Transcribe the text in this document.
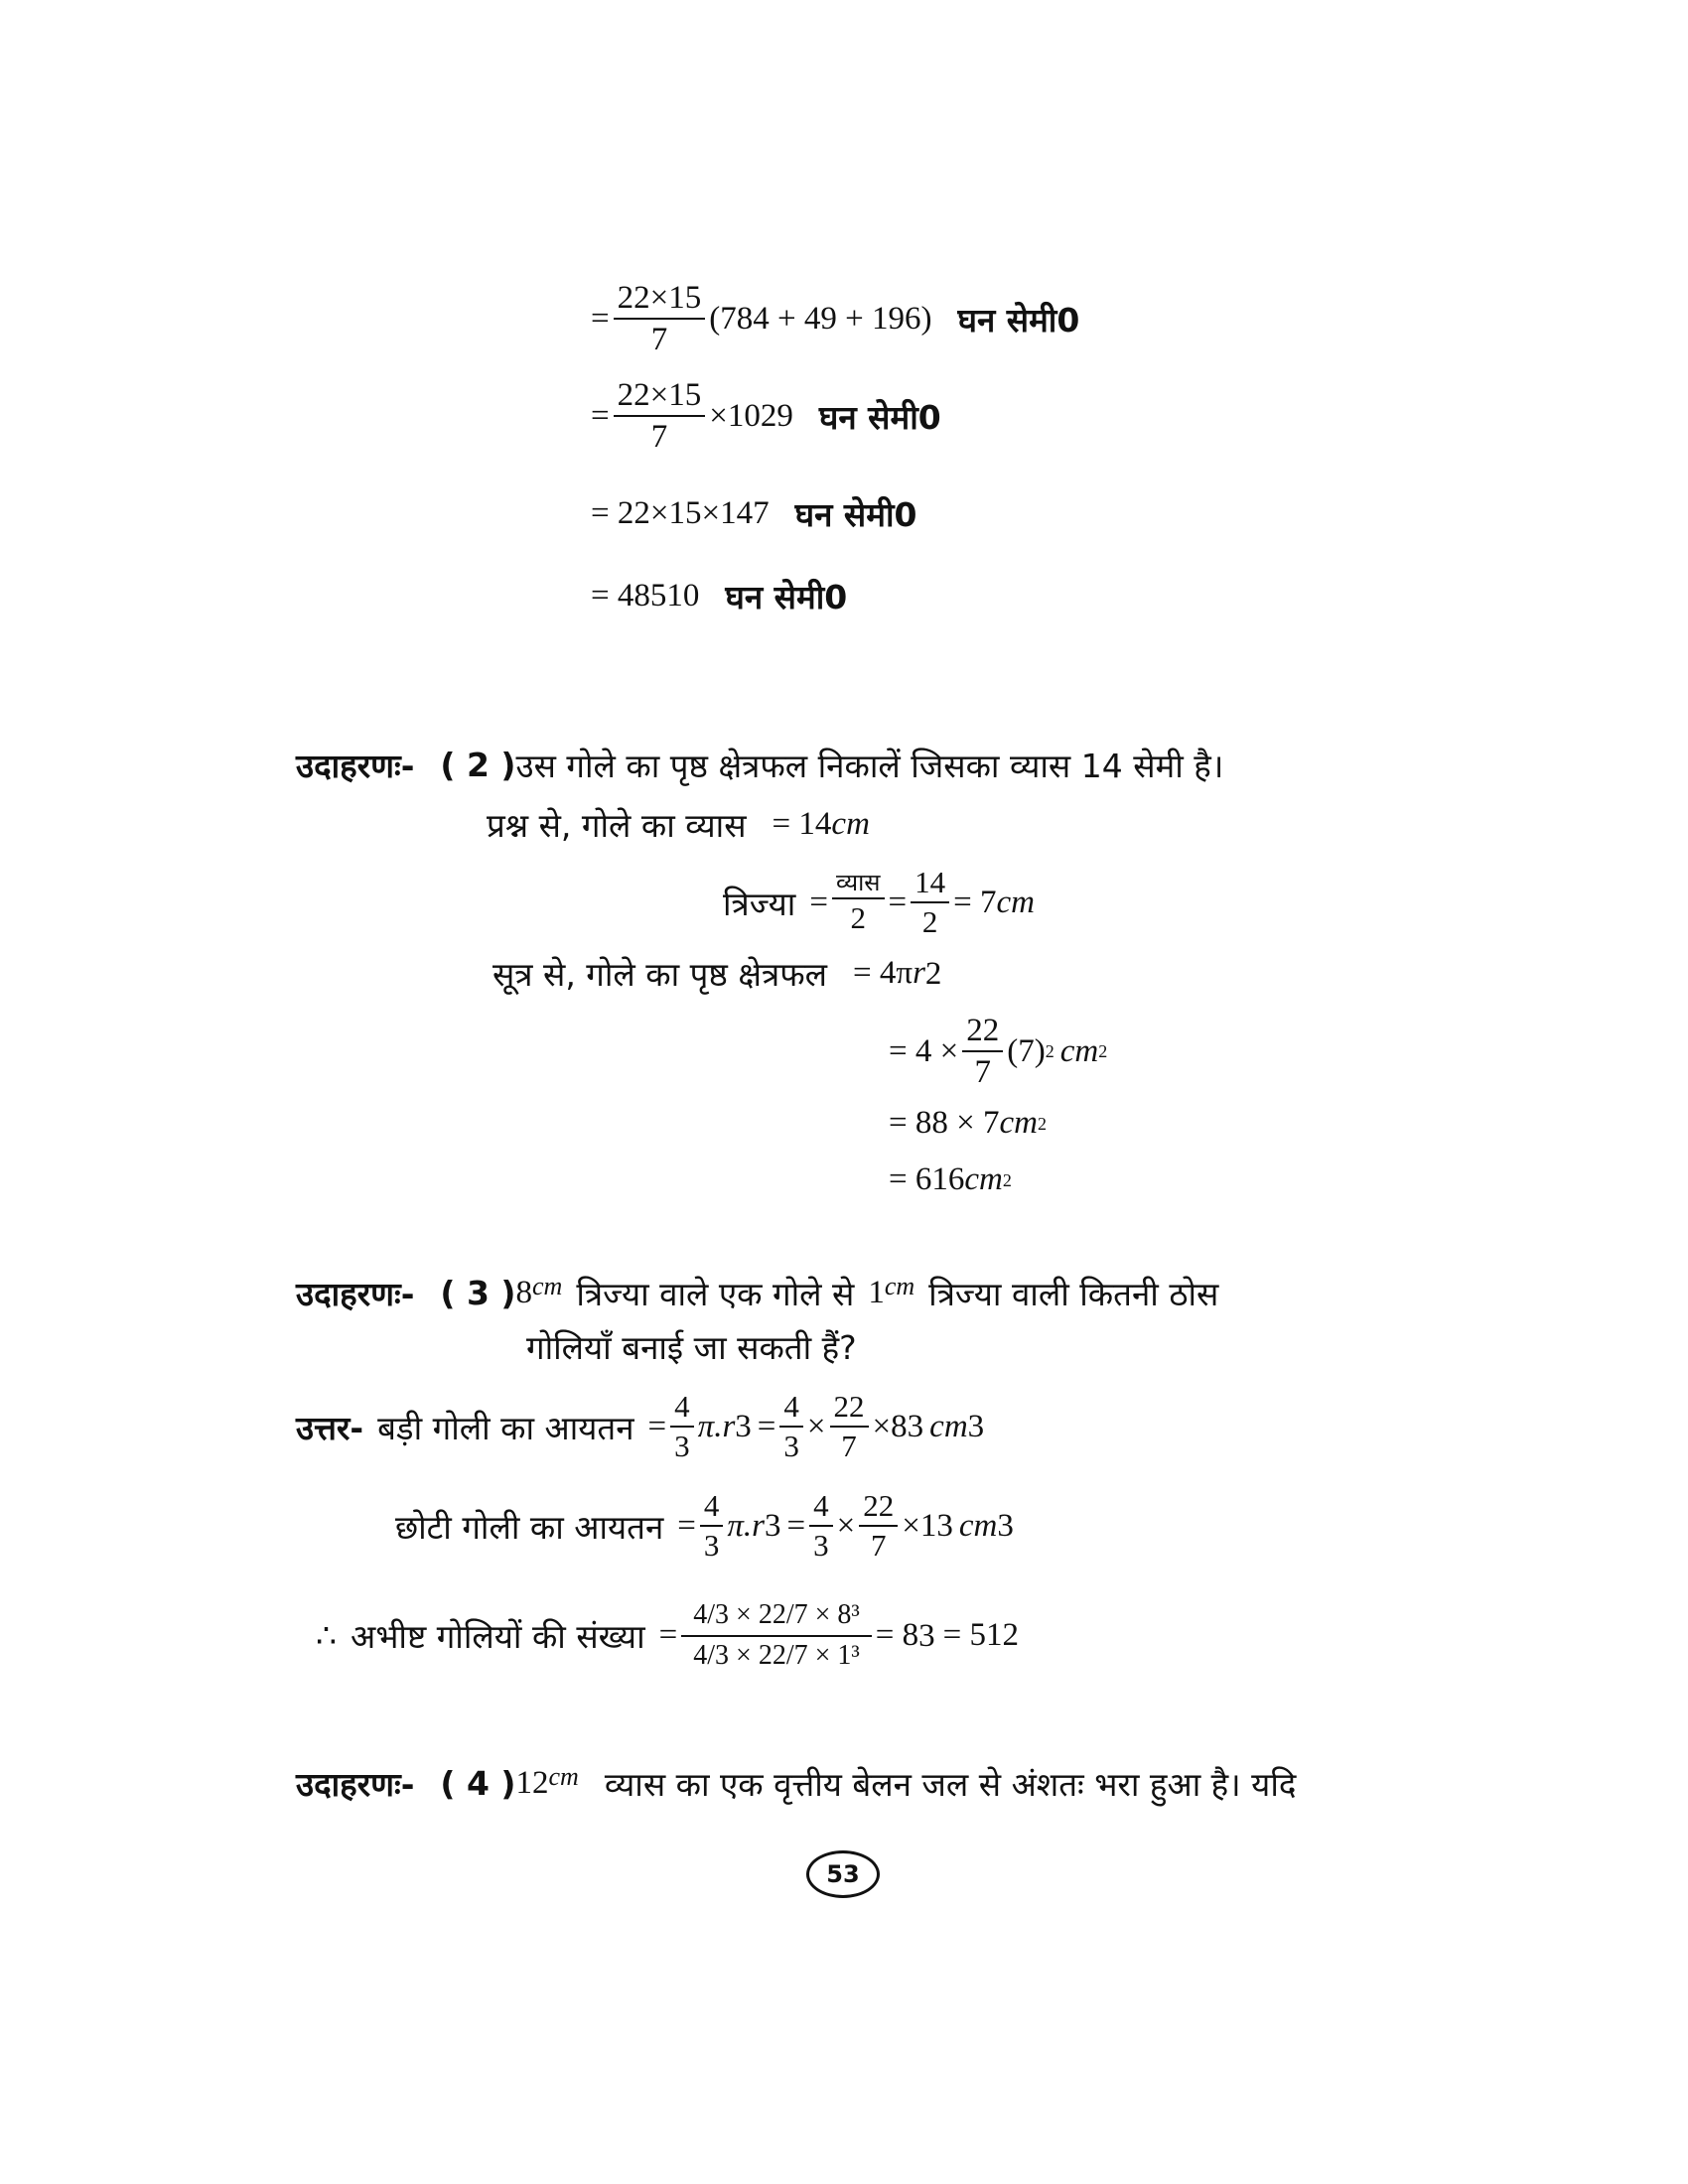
= $\frac{22\times 15}{7} (784 + 49 + 196)$ घन सेमी0
= $\frac{22\times 15}{7} \times 1029$ घन सेमी0
= 22×15×147 घन सेमी0
= 48510 घन सेमी0
उदाहरणः- ( 2 ) उस गोले का पृष्ठ क्षेत्रफल निकालें जिसका व्यास 14 सेमी है।
प्रश्न से, गोले का व्यास = 14 cm
त्रिज्या = $\frac{\text{व्यास}}{2} = \frac{14}{2} = 7$ cm
सूत्र से, गोले का पृष्ठ क्षेत्रफल = 4π r 2
= $4 \times \frac{22}{7} (7)$ 2 cm 2
= 88 × 7 cm 2
= 616 cm 2
उदाहरणः- ( 3 ) 8 cm त्रिज्या वाले एक गोले से 1 cm त्रिज्या वाली कितनी ठोस
गोलियाँ बनाई जा सकती हैं?
उत्तर- बड़ी गोली का आयतन = $\frac{4}{3} \pi.r$ $3 = \frac{4}{3} \times \frac{22}{7} \times 8$ 3 cm 3
छोटी गोली का आयतन = $\frac{4}{3} \pi.r$ $3 = \frac{4}{3} \times \frac{22}{7} \times 1$ 3 cm 3
∴ अभीष्ट गोलियों की संख्या = $\frac{\text{4/3 × 22/7 × 8³}}{\text{4/3 × 22/7 × 1³}} = 8$ 3 = 512
उदाहरणः- ( 4 ) 12 cm व्यास का एक वृत्तीय बेलन जल से अंशतः भरा हुआ है। यदि
53
